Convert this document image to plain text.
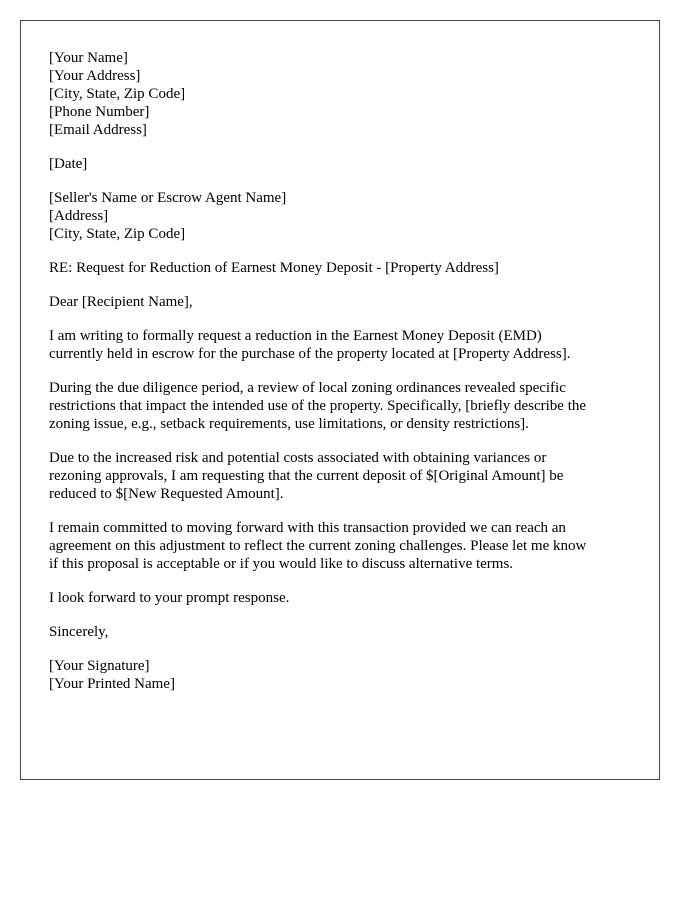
[Your Name]
[Your Address]
[City, State, Zip Code]
[Phone Number]
[Email Address]
[Date]
[Seller's Name or Escrow Agent Name]
[Address]
[City, State, Zip Code]
RE: Request for Reduction of Earnest Money Deposit - [Property Address]
Dear [Recipient Name],
I am writing to formally request a reduction in the Earnest Money Deposit (EMD)
currently held in escrow for the purchase of the property located at [Property Address].
During the due diligence period, a review of local zoning ordinances revealed specific
restrictions that impact the intended use of the property. Specifically, [briefly describe the
zoning issue, e.g., setback requirements, use limitations, or density restrictions].
Due to the increased risk and potential costs associated with obtaining variances or
rezoning approvals, I am requesting that the current deposit of $[Original Amount] be
reduced to $[New Requested Amount].
I remain committed to moving forward with this transaction provided we can reach an
agreement on this adjustment to reflect the current zoning challenges. Please let me know
if this proposal is acceptable or if you would like to discuss alternative terms.
I look forward to your prompt response.
Sincerely,
[Your Signature]
[Your Printed Name]
